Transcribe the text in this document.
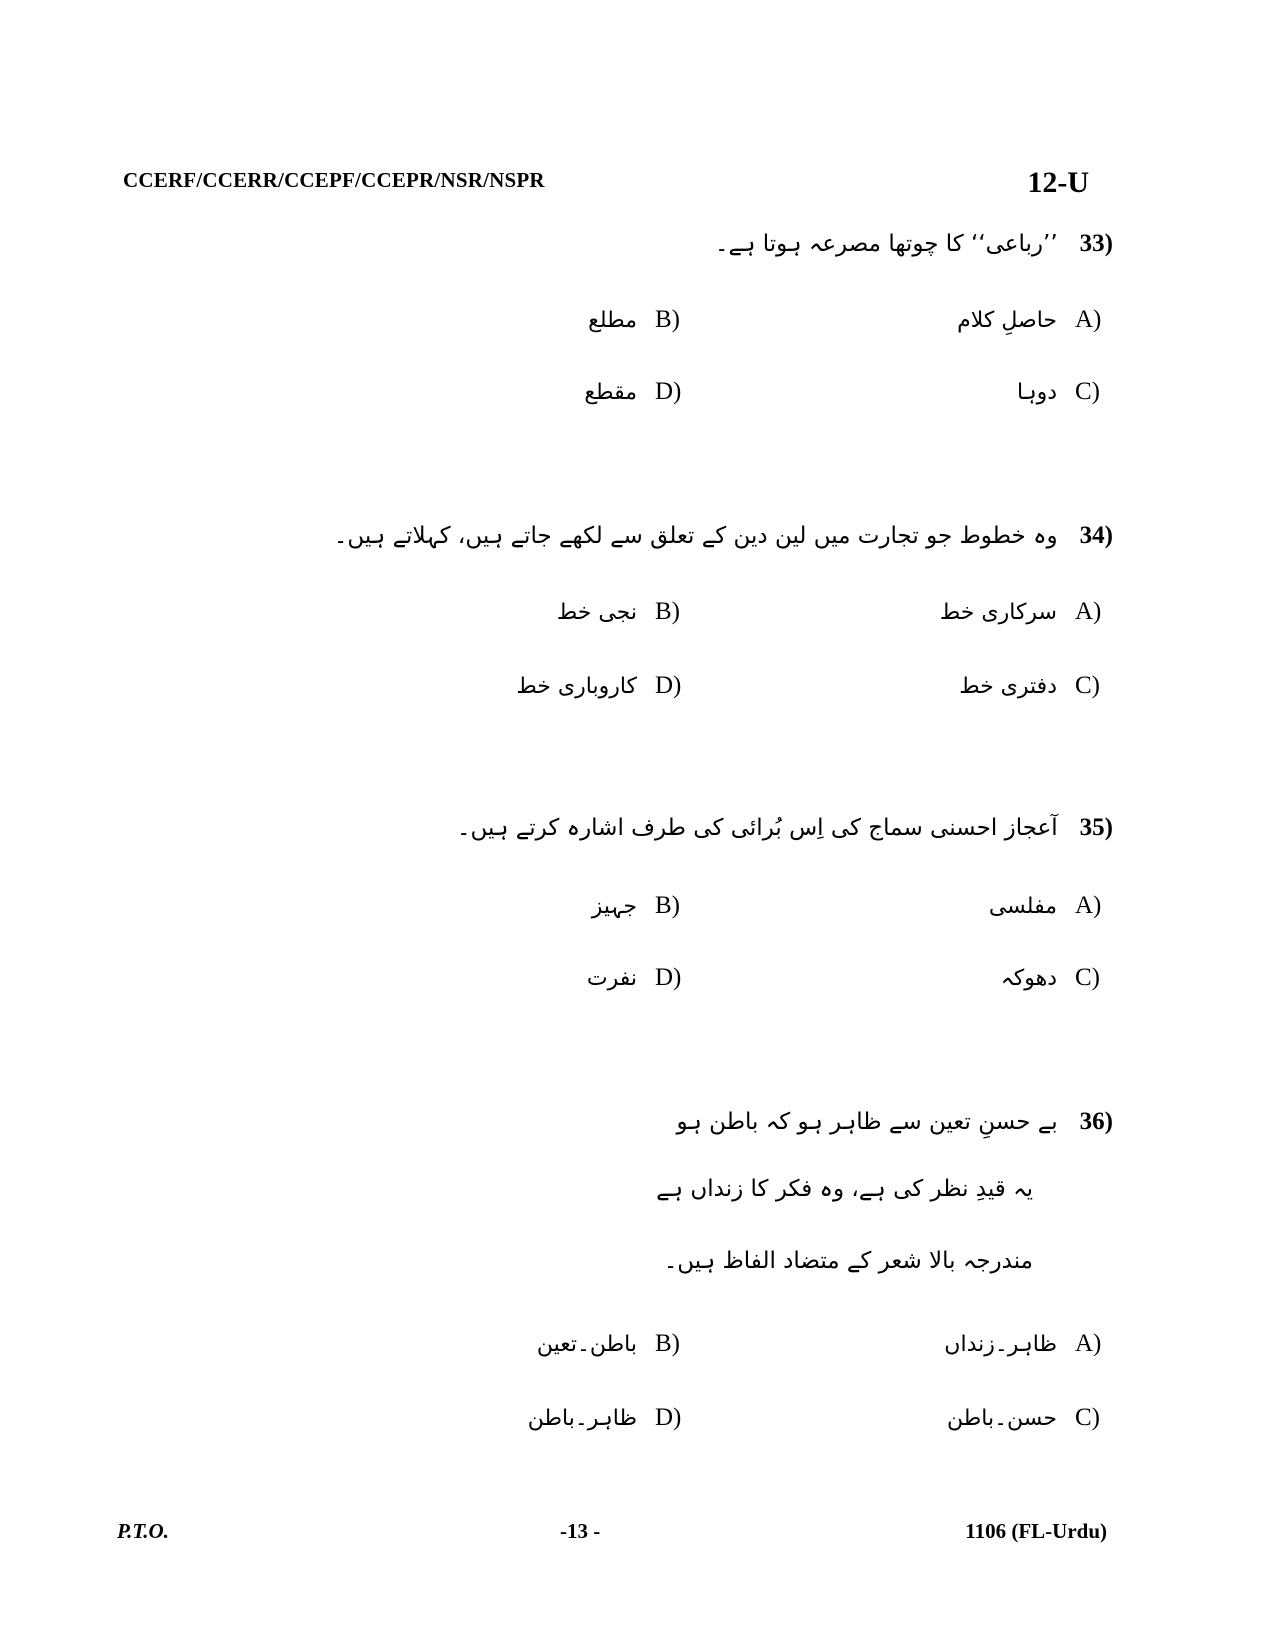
CCERF/CCERR/CCEPF/CCEPR/NSR/NSPR	12-U
33)’’رباعی‘‘ کا چوتھا مصرعہ ہوتا ہے۔
A)حاصلِ کلام
B)مطلع
C)دوہا
D)مقطع
34)وہ خطوط جو تجارت میں لین دین کے تعلق سے لکھے جاتے ہیں، کہلاتے ہیں۔
A)سرکاری خط
B)نجی خط
C)دفتری خط
D)کاروباری خط
35)آعجاز احسنی سماج کی اِس بُرائی کی طرف اشارہ کرتے ہیں۔
A)مفلسی
B)جہیز
C)دھوکہ
D)نفرت
36)بے حسنِ تعین سے ظاہر ہو کہ باطن ہو
یہ قیدِ نظر کی ہے، وہ فکر کا زنداں ہے
مندرجہ بالا شعر کے متضاد الفاظ ہیں۔
A)ظاہر۔زنداں
B)باطن۔تعین
C)حسن۔باطن
D)ظاہر۔باطن
P.T.O.	-13 -	1106 (FL-Urdu)
